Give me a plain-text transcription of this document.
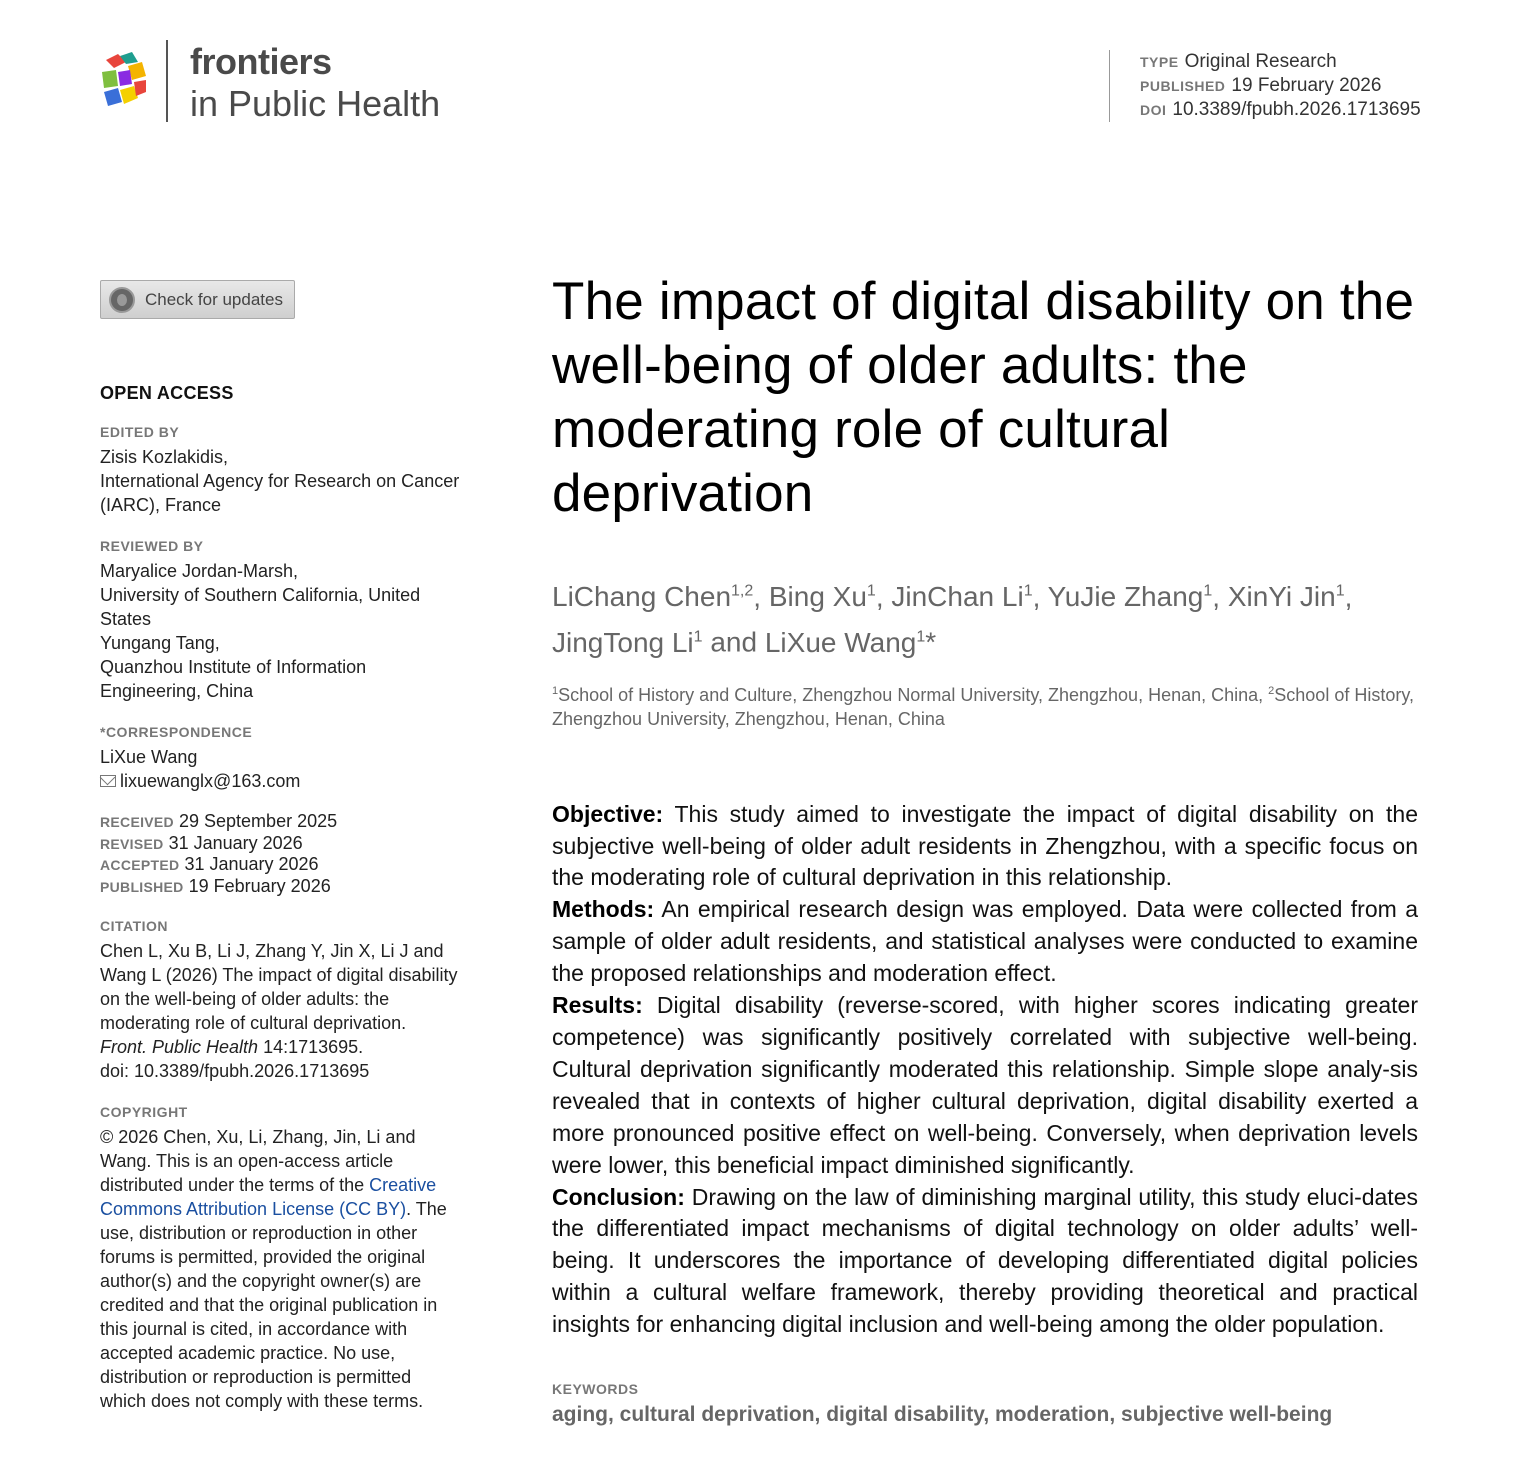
frontiers
in Public Health
TYPE Original Research
PUBLISHED 19 February 2026
DOI 10.3389/fpubh.2026.1713695
Check for updates
OPEN ACCESS
EDITED BY
Zisis Kozlakidis,
International Agency for Research on Cancer (IARC), France
REVIEWED BY
Maryalice Jordan-Marsh,
University of Southern California, United States
Yungang Tang,
Quanzhou Institute of Information Engineering, China
*CORRESPONDENCE
LiXue Wang
lixuewanglx@163.com
RECEIVED 29 September 2025
REVISED 31 January 2026
ACCEPTED 31 January 2026
PUBLISHED 19 February 2026
CITATION
Chen L, Xu B, Li J, Zhang Y, Jin X, Li J and Wang L (2026) The impact of digital disability on the well-being of older adults: the moderating role of cultural deprivation.
Front. Public Health 14:1713695.
doi: 10.3389/fpubh.2026.1713695
COPYRIGHT
© 2026 Chen, Xu, Li, Zhang, Jin, Li and Wang. This is an open-access article distributed under the terms of the Creative Commons Attribution License (CC BY). The use, distribution or reproduction in other forums is permitted, provided the original author(s) and the copyright owner(s) are credited and that the original publication in this journal is cited, in accordance with accepted academic practice. No use, distribution or reproduction is permitted which does not comply with these terms.
The impact of digital disability on the well-being of older adults: the moderating role of cultural deprivation
LiChang Chen$^{1,2}$, Bing Xu$^1$, JinChan Li$^1$, YuJie Zhang$^1$, XinYi Jin$^1$, JingTong Li$^1$ and LiXue Wang$^1$*
$^1$School of History and Culture, Zhengzhou Normal University, Zhengzhou, Henan, China, $^2$School of History, Zhengzhou University, Zhengzhou, Henan, China

Objective: This study aimed to investigate the impact of digital disability on the subjective well-being of older adult residents in Zhengzhou, with a specific focus on the moderating role of cultural deprivation in this relationship.

Methods: An empirical research design was employed. Data were collected from a sample of older adult residents, and statistical analyses were conducted to examine the proposed relationships and moderation effect.

Results: Digital disability (reverse-scored, with higher scores indicating greater competence) was significantly positively correlated with subjective well-being. Cultural deprivation significantly moderated this relationship. Simple slope analy-sis revealed that in contexts of higher cultural deprivation, digital disability exerted a more pronounced positive effect on well-being. Conversely, when deprivation levels were lower, this beneficial impact diminished significantly.

Conclusion: Drawing on the law of diminishing marginal utility, this study eluci-dates the differentiated impact mechanisms of digital technology on older adults’ well-being. It underscores the importance of developing differentiated digital policies within a cultural welfare framework, thereby providing theoretical and practical insights for enhancing digital inclusion and well-being among the older population.

KEYWORDS
aging, cultural deprivation, digital disability, moderation, subjective well-being
